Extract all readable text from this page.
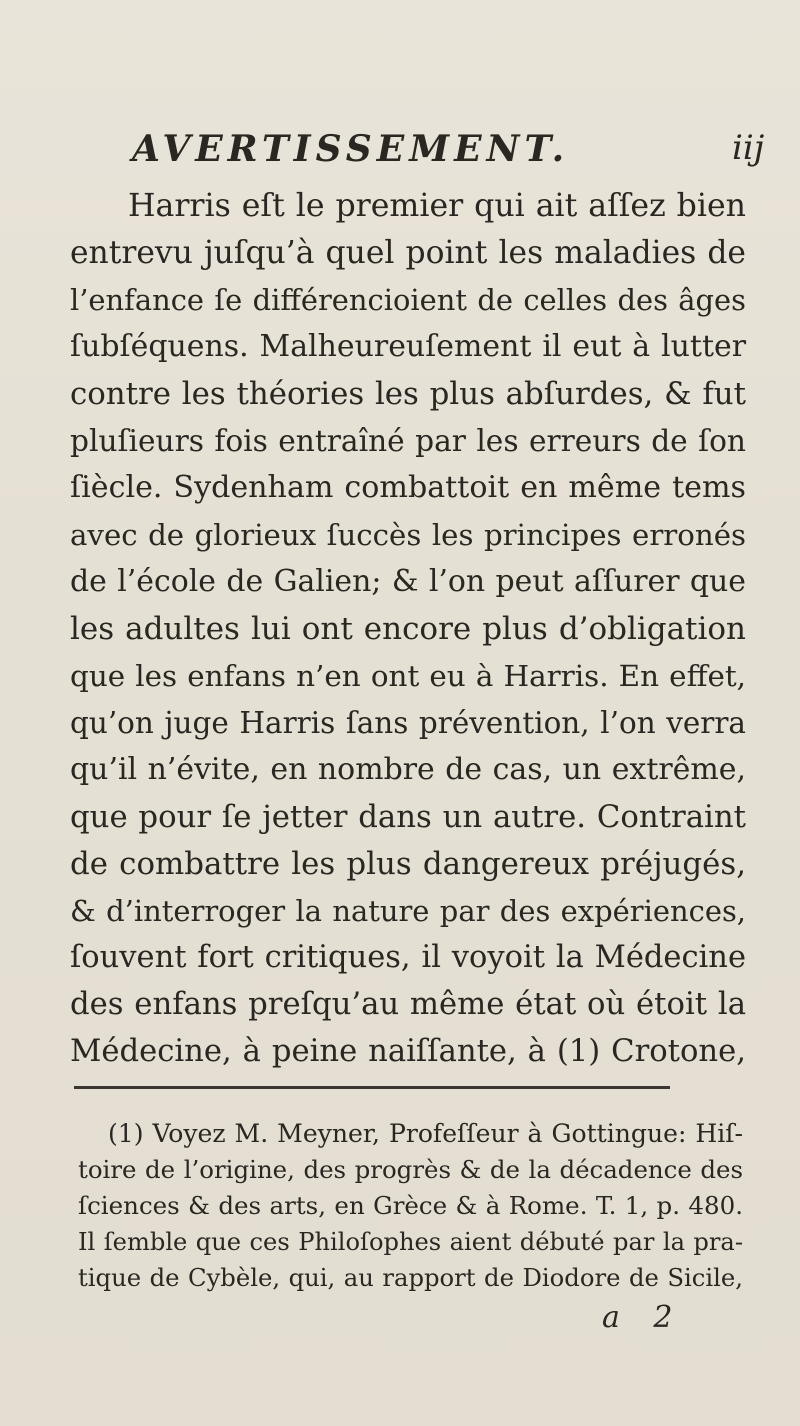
AVERTISSEMENT.	iij
Harris eſt le premier qui ait aſſez bien
entrevu juſqu’à quel point les maladies de
l’enfance ſe différencioient de celles des âges
ſubſéquens. Malheureuſement il eut à lutter
contre les théories les plus abſurdes, & fut
pluſieurs fois entraîné par les erreurs de ſon
ſiècle. Sydenham combattoit en même tems
avec de glorieux ſuccès les principes erronés
de l’école de Galien; & l’on peut aſſurer que
les adultes lui ont encore plus d’obligation
que les enfans n’en ont eu à Harris. En effet,
qu’on juge Harris ſans prévention, l’on verra
qu’il n’évite, en nombre de cas, un extrême,
que pour ſe jetter dans un autre. Contraint
de combattre les plus dangereux préjugés,
& d’interroger la nature par des expériences,
ſouvent fort critiques, il voyoit la Médecine
des enfans preſqu’au même état où étoit la
Médecine, à peine naiſſante, à (1) Crotone,
(1) Voyez M. Meyner, Profeſſeur à Gottingue: Hiſ-
toire de l’origine, des progrès & de la décadence des
ſciences & des arts, en Grèce & à Rome. T. 1, p. 480.
Il ſemble que ces Philoſophes aient débuté par la pra-
tique de Cybèle, qui, au rapport de Diodore de Sicile,
a 2
